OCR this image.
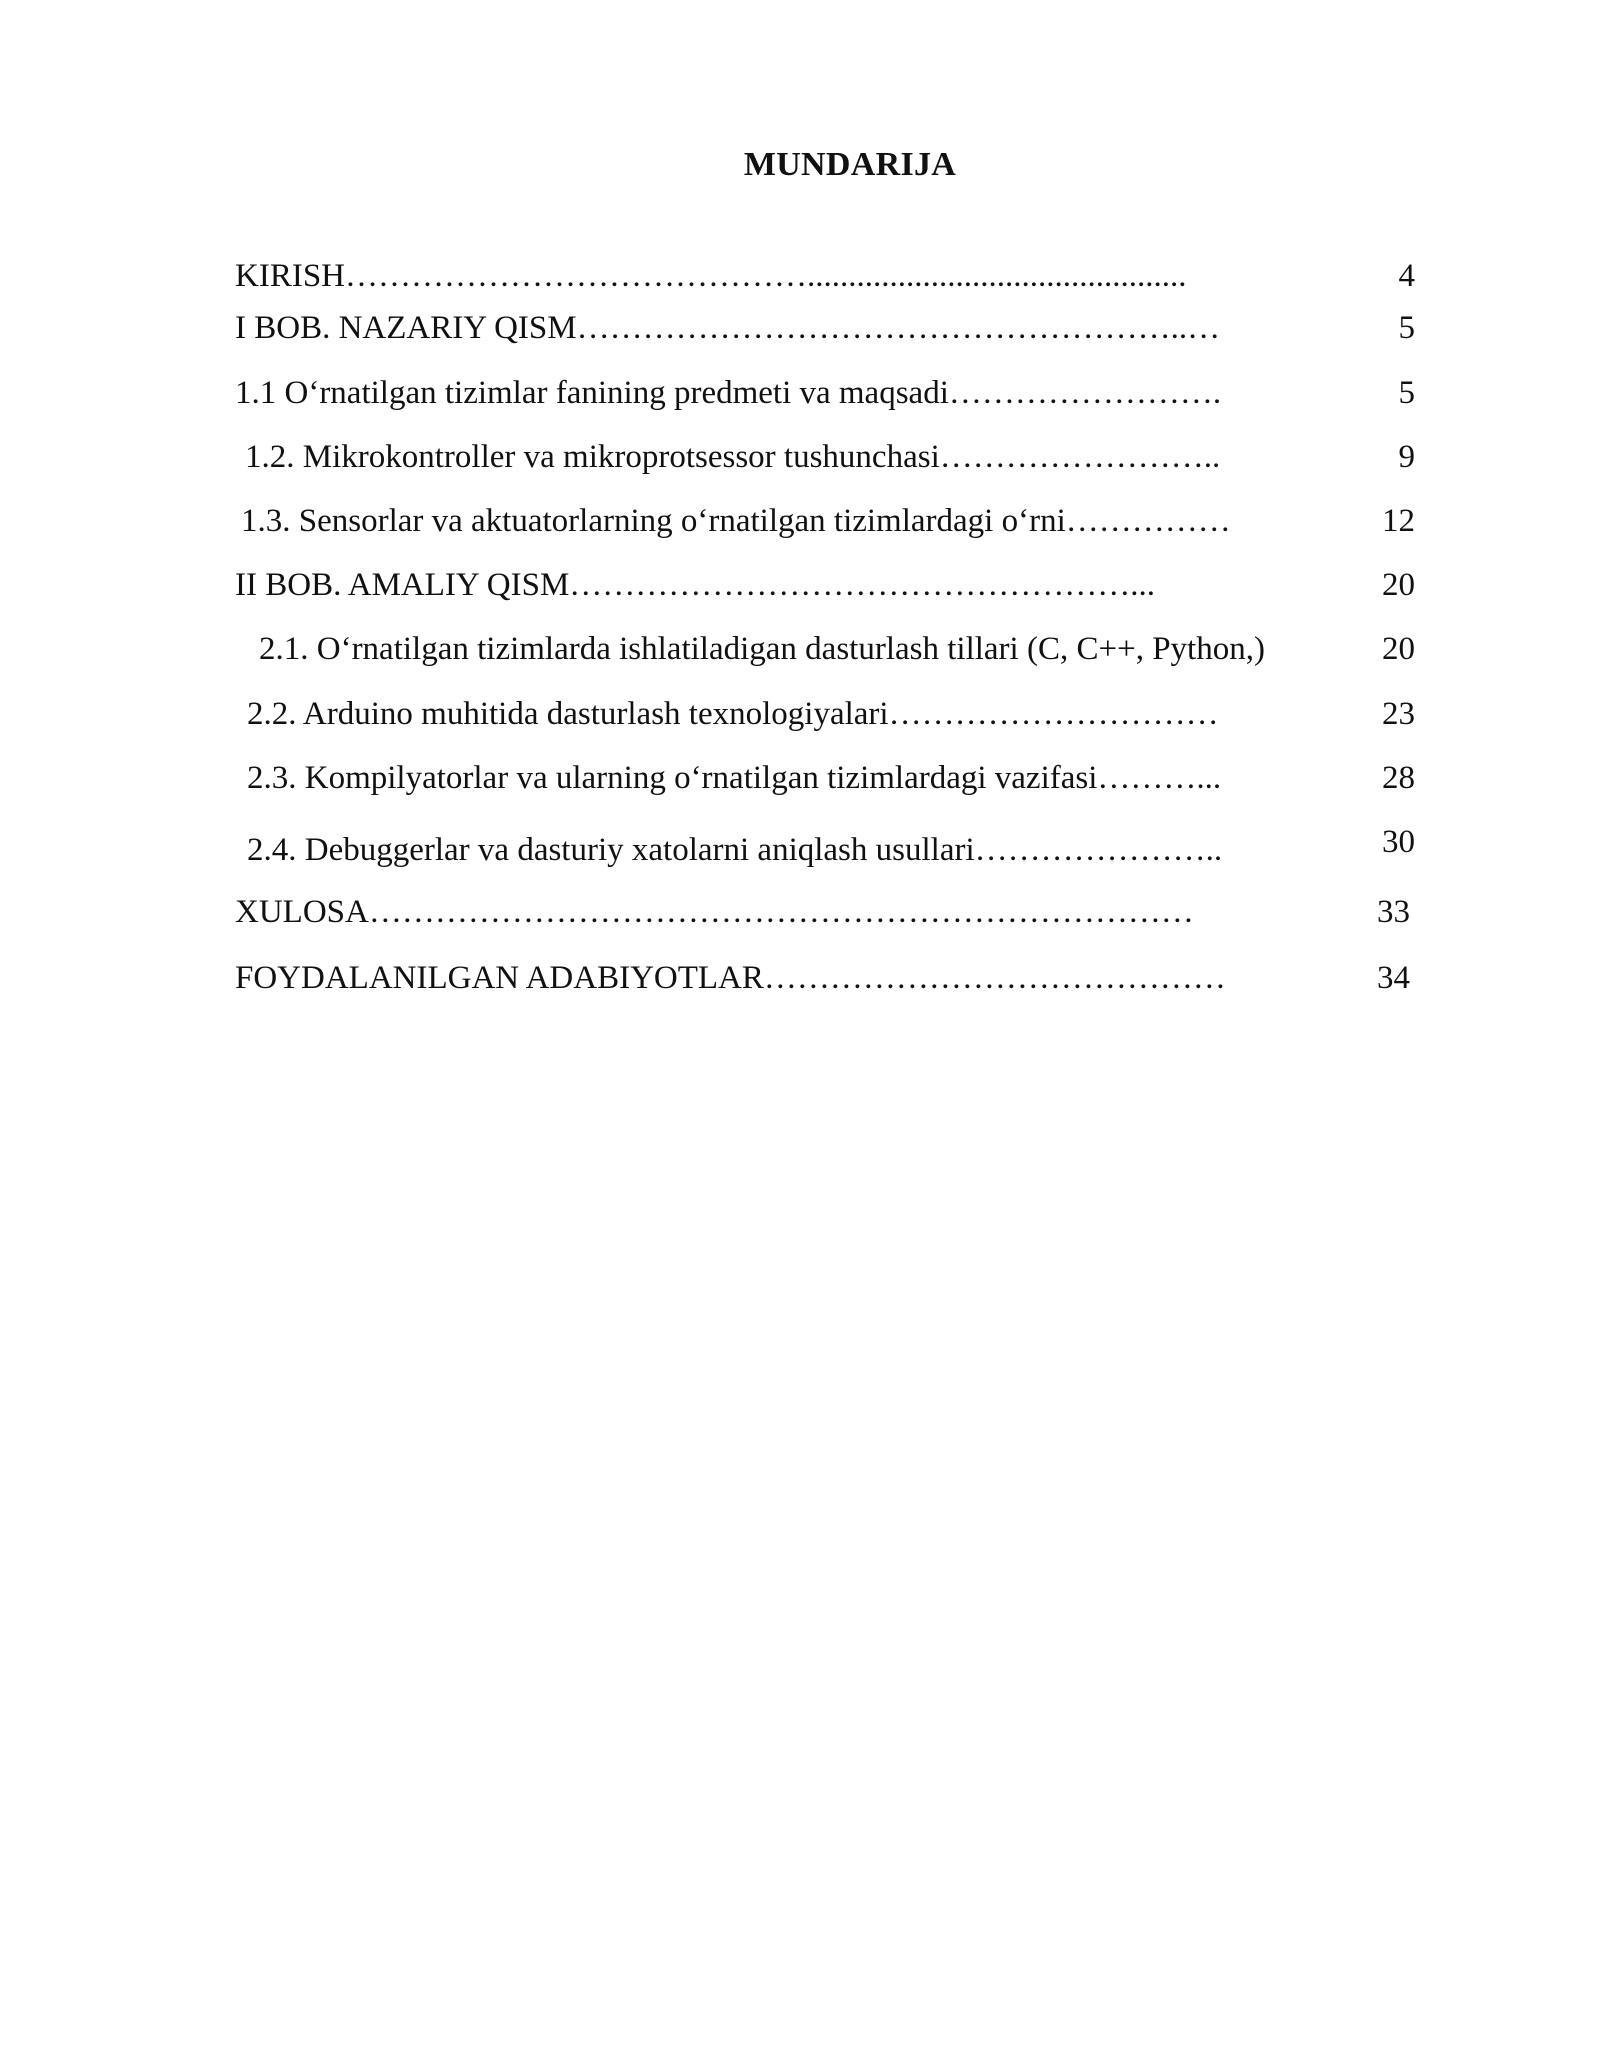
MUNDARIJA
KIRISH……………………………………..............................................	4
I BOB. NAZARIY QISM………………………………………………..…	5
1.1 O‘rnatilgan tizimlar fanining predmeti va maqsadi…………………….	5
1.2. Mikrokontroller va mikroprotsessor tushunchasi……………………..	9
1.3. Sensorlar va aktuatorlarning o‘rnatilgan tizimlardagi o‘rni……………	12
II BOB. AMALIY QISM……………………………………………...	20
2.1. O‘rnatilgan tizimlarda ishlatiladigan dasturlash tillari (C, C++, Python,)	20
2.2. Arduino muhitida dasturlash texnologiyalari…………………………	23
2.3. Kompilyatorlar va ularning o‘rnatilgan tizimlardagi vazifasi………...	28
2.4. Debuggerlar va dasturiy xatolarni aniqlash usullari…………………..	30
XULOSA…………………………………………………………………	33
FOYDALANILGAN ADABIYOTLAR……………………………………	34
